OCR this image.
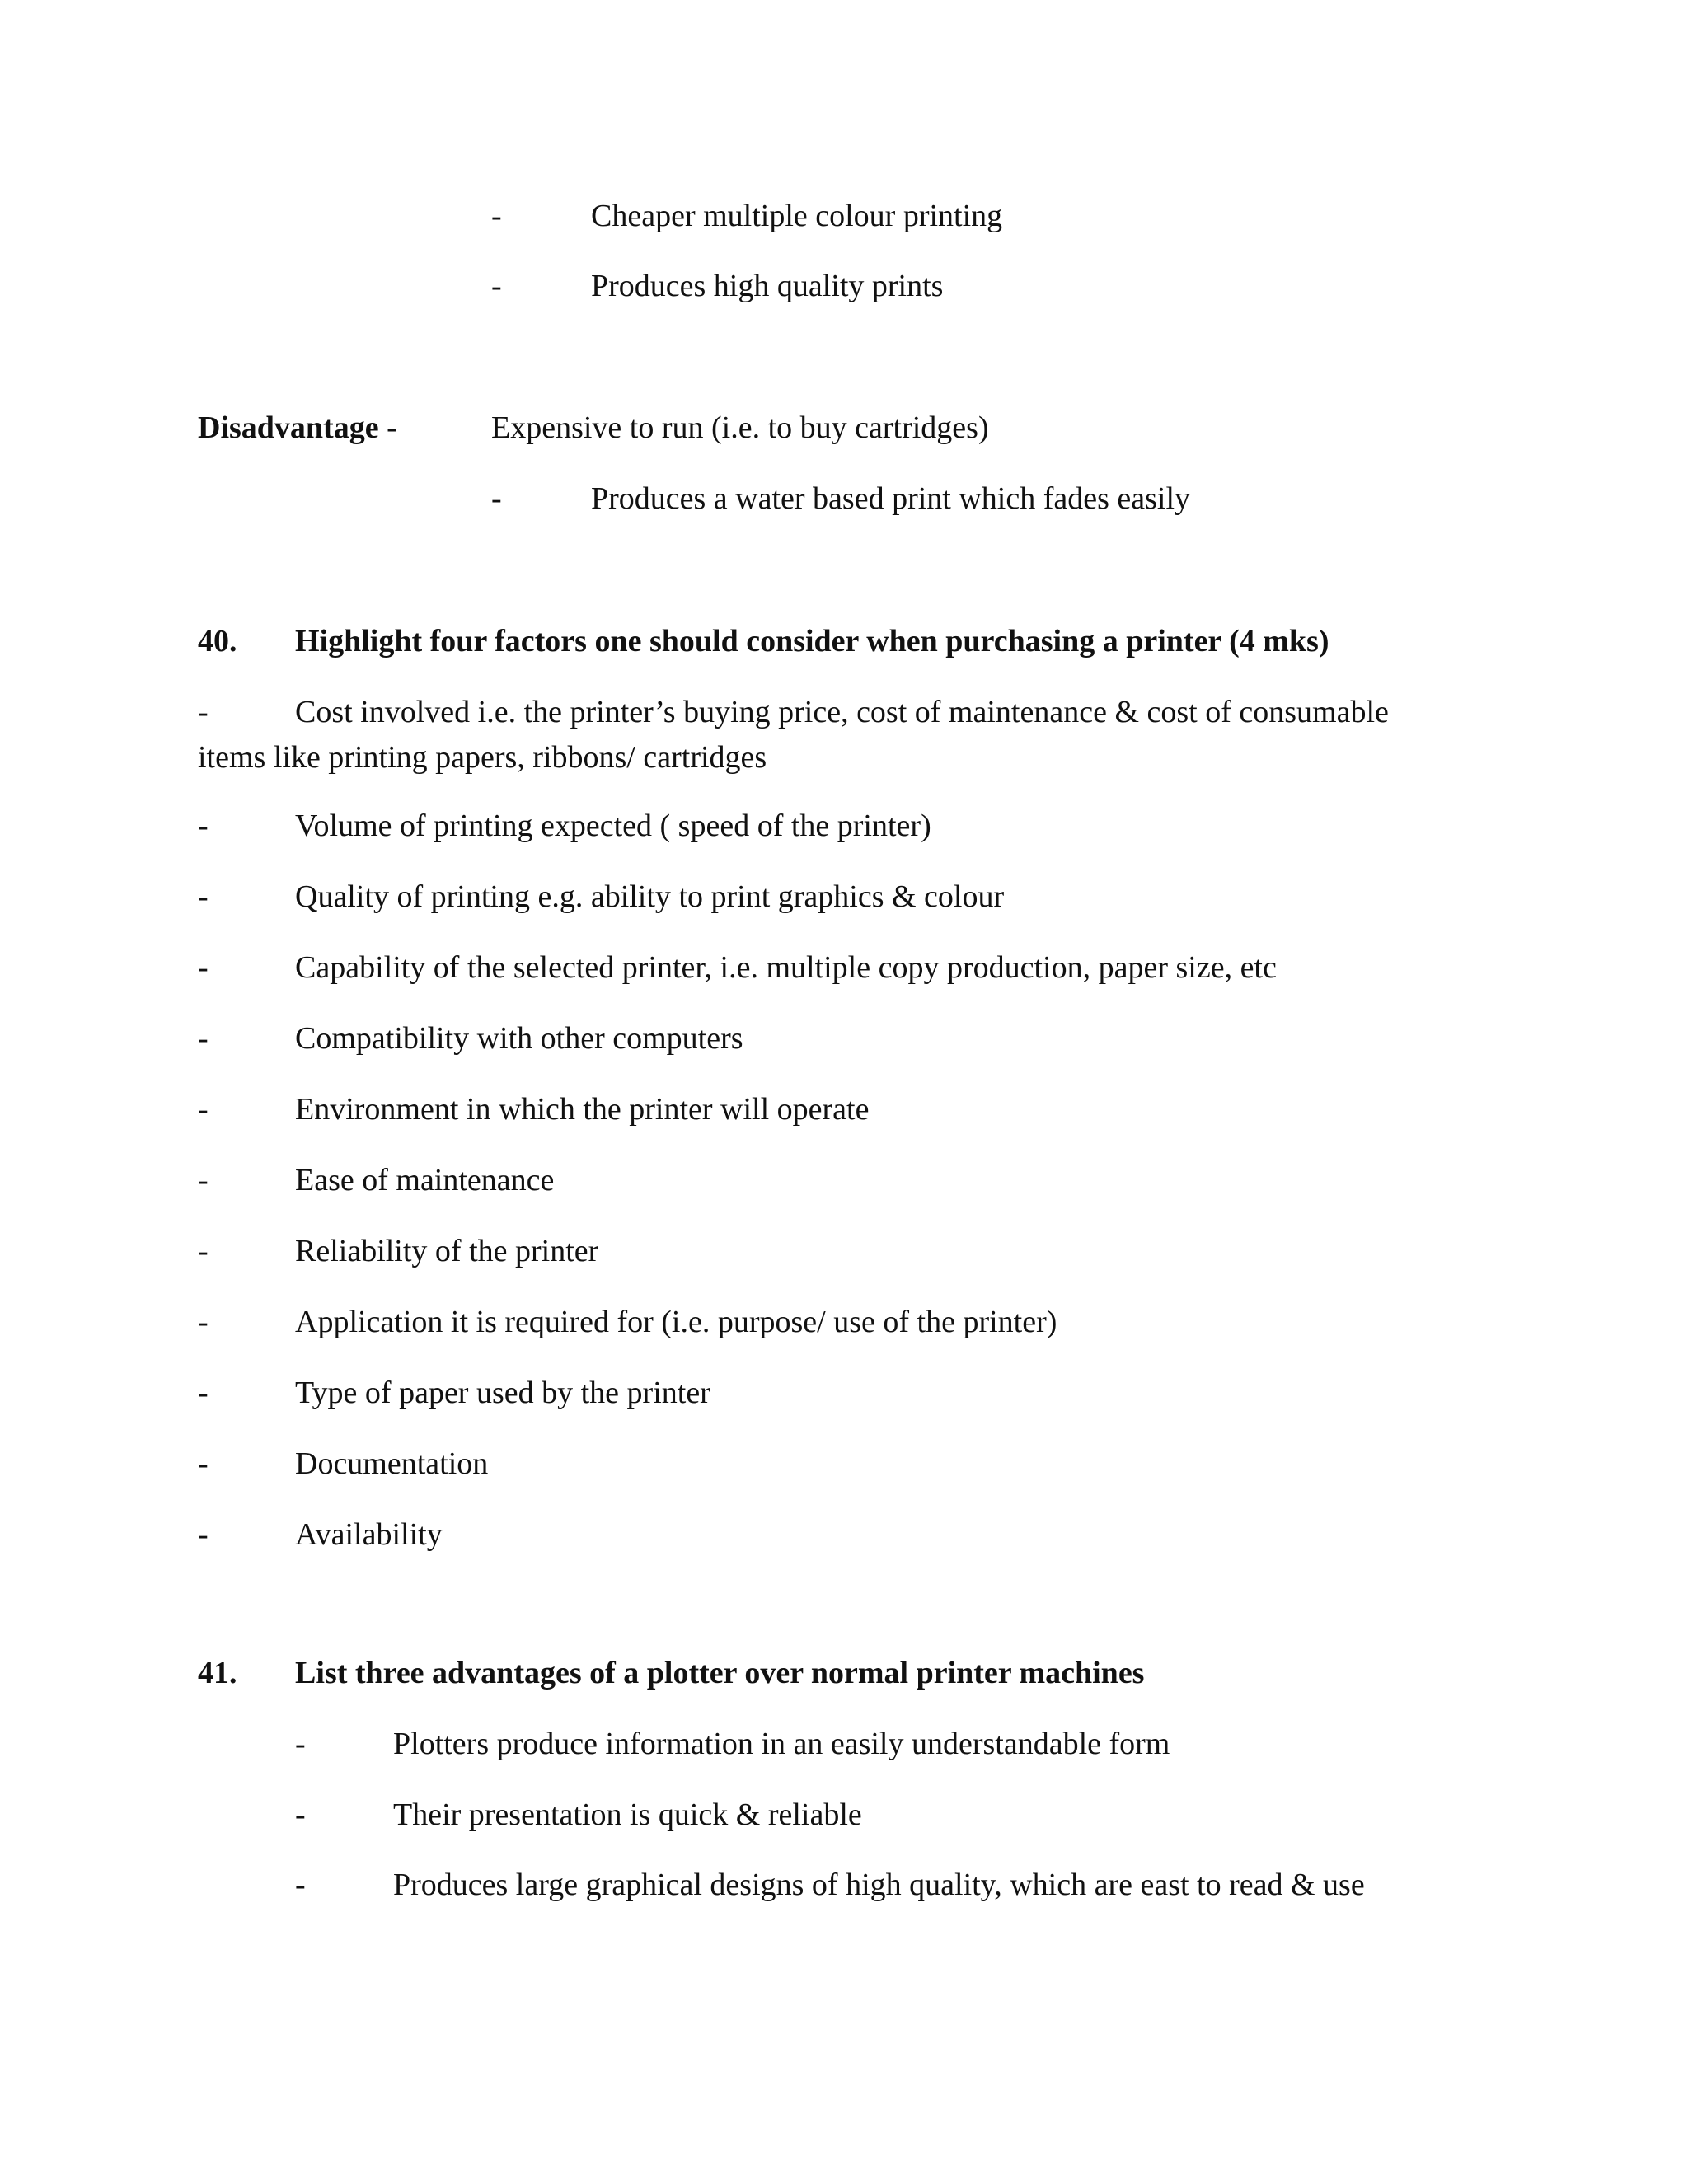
-	Cheaper multiple colour printing
-	Produces high quality prints
Disadvantage -	Expensive to run (i.e. to buy cartridges)
-	Produces a water based print which fades easily
40. Highlight four factors one should consider when purchasing a printer (4 mks)
-	Cost involved i.e. the printer’s buying price, cost of maintenance & cost of consumable
items like printing papers, ribbons/ cartridges
-	Volume of printing expected ( speed of the printer)
-	Quality of printing e.g. ability to print graphics & colour
-	Capability of the selected printer, i.e. multiple copy production, paper size, etc
-	Compatibility with other computers
-	Environment in which the printer will operate
-	Ease of maintenance
-	Reliability of the printer
-	Application it is required for (i.e. purpose/ use of the printer)
-	Type of paper used by the printer
-	Documentation
-	Availability
41. List three advantages of a plotter over normal printer machines
-	Plotters produce information in an easily understandable form
-	Their presentation is quick & reliable
-	Produces large graphical designs of high quality, which are east to read & use
